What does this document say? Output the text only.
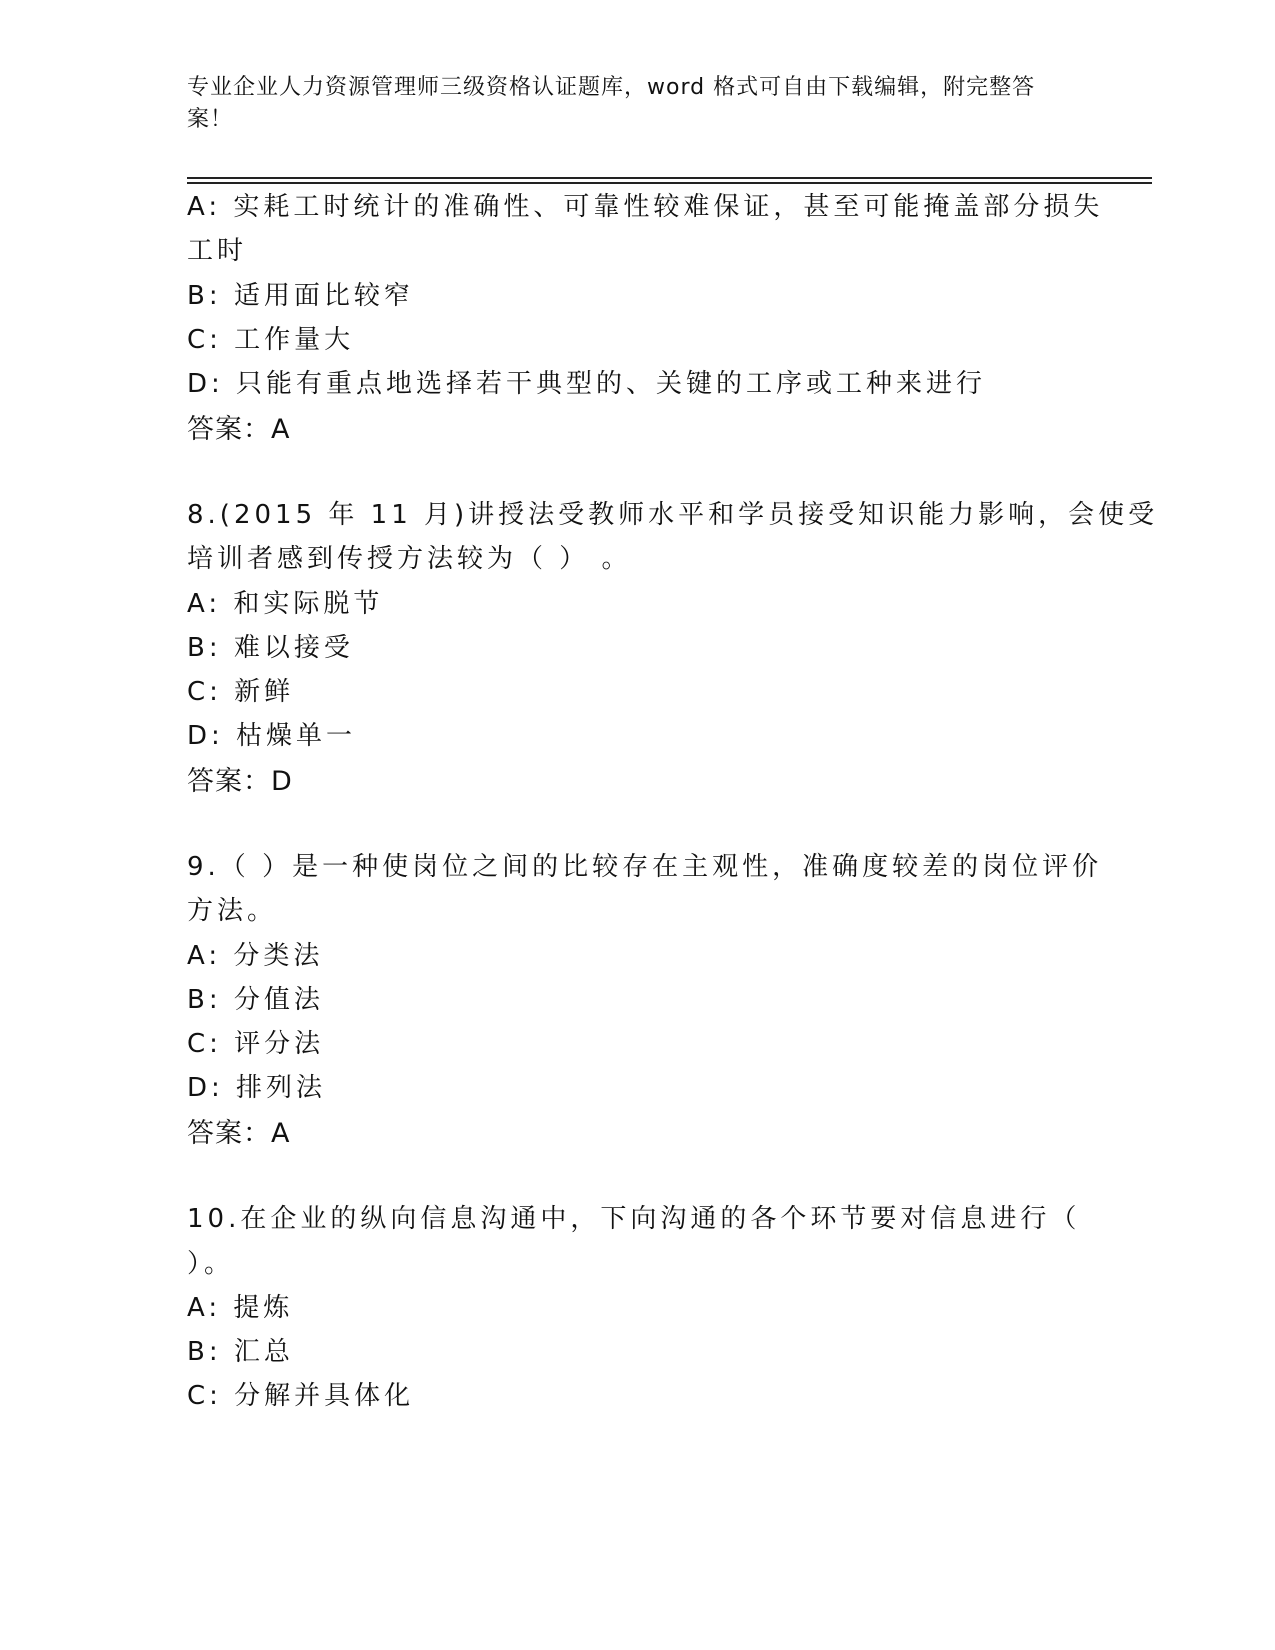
专业企业人力资源管理师三级资格认证题库，word 格式可自由下载编辑，附完整答案！
A: 实耗工时统计的准确性、可靠性较难保证，甚至可能掩盖部分损失
工时
B: 适用面比较窄
C: 工作量大
D: 只能有重点地选择若干典型的、关键的工序或工种来进行
答案：A
8.(2015 年 11 月)讲授法受教师水平和学员接受知识能力影响，会使受
培训者感到传授方法较为（ ） 。
A: 和实际脱节
B: 难以接受
C: 新鲜
D: 枯燥单一
答案：D
9.（ ）是一种使岗位之间的比较存在主观性，准确度较差的岗位评价
方法。
A: 分类法
B: 分值法
C: 评分法
D: 排列法
答案：A
10.在企业的纵向信息沟通中，下向沟通的各个环节要对信息进行（
）。
A: 提炼
B: 汇总
C: 分解并具体化
